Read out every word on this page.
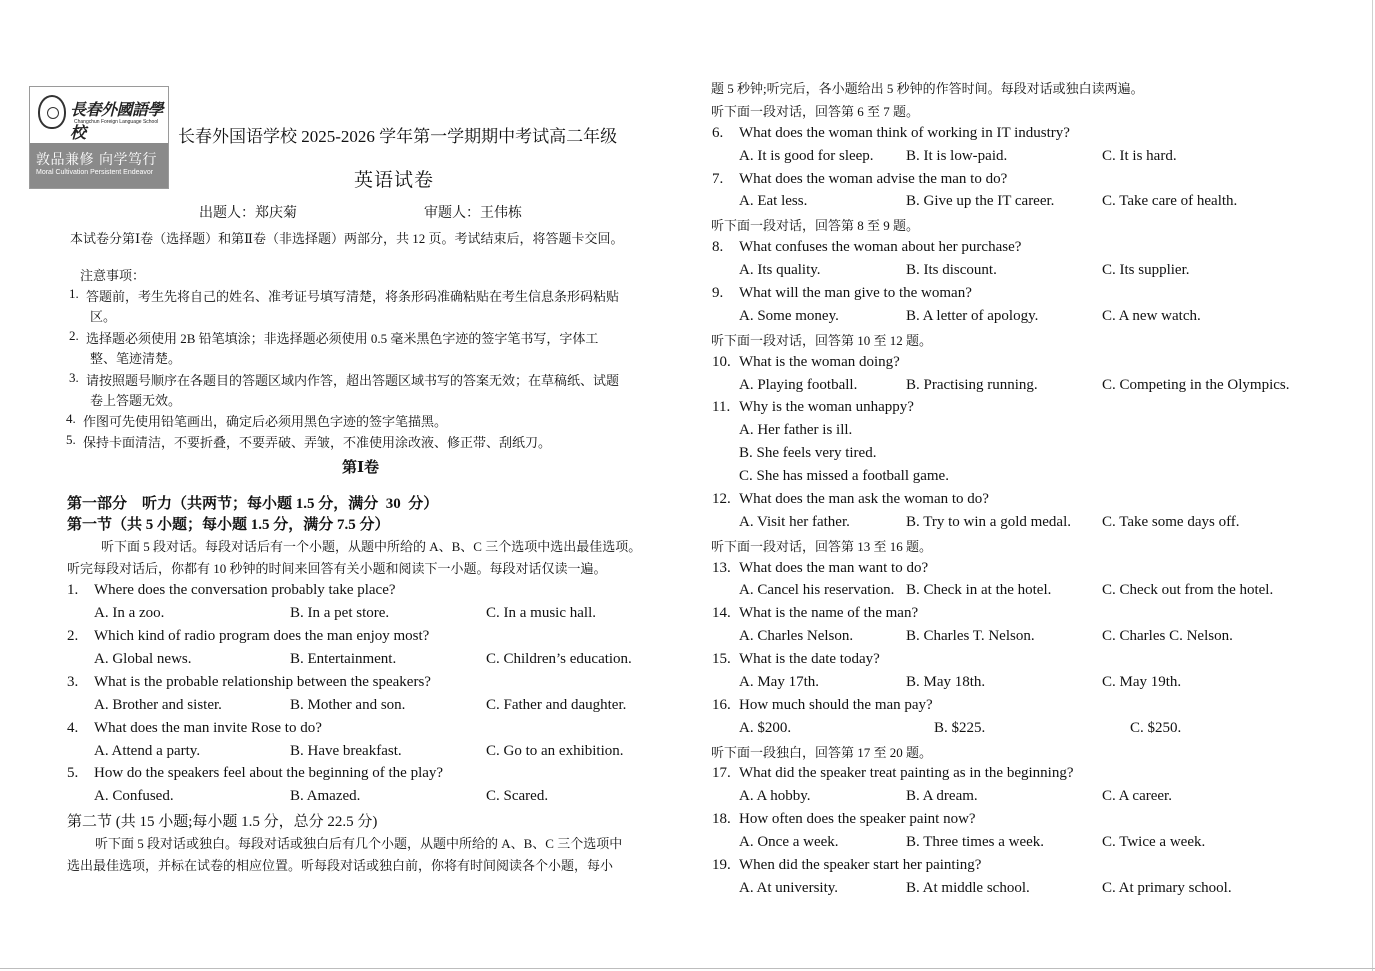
長春外國語學校
Changchun Foreign Language School
敦品兼修 向学笃行
Moral Cultivation Persistent Endeavor
长春外国语学校 2025-2026 学年第一学期期中考试高二年级
英语试卷
出题人：郑庆菊	审题人：王伟栋
本试卷分第Ⅰ卷（选择题）和第Ⅱ卷（非选择题）两部分，共 12 页。考试结束后，将答题卡交回。
注意事项：
1. 答题前，考生先将自己的姓名、准考证号填写清楚，将条形码准确粘贴在考生信息条形码粘贴
区。
2. 选择题必须使用 2B 铅笔填涂；非选择题必须使用 0.5 毫米黑色字迹的签字笔书写，字体工
整、笔迹清楚。
3. 请按照题号顺序在各题目的答题区域内作答，超出答题区域书写的答案无效；在草稿纸、试题
卷上答题无效。
4. 作图可先使用铅笔画出，确定后必须用黑色字迹的签字笔描黑。
5. 保持卡面清洁，不要折叠，不要弄破、弄皱，不准使用涂改液、修正带、刮纸刀。
第Ⅰ卷
第一部分    听力（共两节；每小题 1.5 分，满分  30  分）
第一节（共 5 小题；每小题 1.5 分，满分 7.5 分）
听下面 5 段对话。每段对话后有一个小题，从题中所给的 A、B、C 三个选项中选出最佳选项。
听完每段对话后，你都有 10 秒钟的时间来回答有关小题和阅读下一小题。每段对话仅读一遍。
第二节 (共 15 小题;每小题 1.5 分，总分 22.5 分)
听下面 5 段对话或独白。每段对话或独白后有几个小题，从题中所给的 A、B、C 三个选项中
选出最佳选项，并标在试卷的相应位置。听每段对话或独白前，你将有时间阅读各个小题，每小
题 5 秒钟;听完后，各小题给出 5 秒钟的作答时间。每段对话或独白读两遍。
听下面一段对话，回答第 6 至 7 题。
听下面一段对话，回答第 8 至 9 题。
听下面一段对话，回答第 10 至 12 题。
听下面一段对话，回答第 13 至 16 题。
听下面一段独白，回答第 17 至 20 题。
1. Where does the conversation probably take place?
A. In a zoo.	B. In a pet store.	C. In a music hall.
2. Which kind of radio program does the man enjoy most?
A. Global news.	B. Entertainment.	C. Children’s education.
3. What is the probable relationship between the speakers?
A. Brother and sister.	B. Mother and son.	C. Father and daughter.
4. What does the man invite Rose to do?
A. Attend a party.	B. Have breakfast.	C. Go to an exhibition.
5. How do the speakers feel about the beginning of the play?
A. Confused.	B. Amazed.	C. Scared.
6. What does the woman think of working in IT industry?
A. It is good for sleep. B. It is low-paid.	C. It is hard.
7. What does the woman advise the man to do?
A. Eat less.	B. Give up the IT career.	C. Take care of health.
8. What confuses the woman about her purchase?
A. Its quality.	B. Its discount.	C. Its supplier.
9. What will the man give to the woman?
A. Some money.	B. A letter of apology.	C. A new watch.
10. What is the woman doing?
A. Playing football.	B. Practising running.	C. Competing in the Olympics.
11. Why is the woman unhappy?
A. Her father is ill.
B. She feels very tired.
C. She has missed a football game.
12. What does the man ask the woman to do?
A. Visit her father.	B. Try to win a gold medal. C. Take some days off.
13. What does the man want to do?
A. Cancel his reservation. B. Check in at the hotel.	C. Check out from the hotel.
14. What is the name of the man?
A. Charles Nelson.	B. Charles T. Nelson.	C. Charles C. Nelson.
15. What is the date today?
A. May 17th.	B. May 18th.	C. May 19th.
16. How much should the man pay?
A. $200.	B. $225.	C. $250.
17. What did the speaker treat painting as in the beginning?
A. A hobby.	B. A dream.	C. A career.
18. How often does the speaker paint now?
A. Once a week.	B. Three times a week.	C. Twice a week.
19. When did the speaker start her painting?
A. At university.	B. At middle school.	C. At primary school.
